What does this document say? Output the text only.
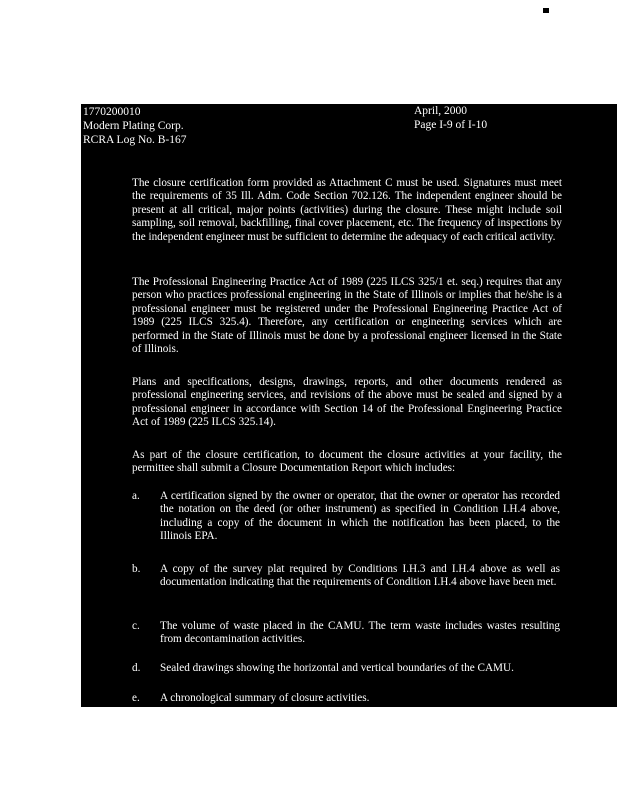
1770200010
Modern Plating Corp.
RCRA Log No. B-167
April, 2000
Page I-9 of I-10
The closure certification form provided as Attachment C must be used. Signatures must meet the requirements of 35 Ill. Adm. Code Section 702.126. The independent engineer should be present at all critical, major points (activities) during the closure. These might include soil sampling, soil removal, backfilling, final cover placement, etc. The frequency of inspections by the independent engineer must be sufficient to determine the adequacy of each critical activity.
The Professional Engineering Practice Act of 1989 (225 ILCS 325/1 et. seq.) requires that any person who practices professional engineering in the State of Illinois or implies that he/she is a professional engineer must be registered under the Professional Engineering Practice Act of 1989 (225 ILCS 325.4). Therefore, any certification or engineering services which are performed in the State of Illinois must be done by a professional engineer licensed in the State of Illinois.
Plans and specifications, designs, drawings, reports, and other documents rendered as professional engineering services, and revisions of the above must be sealed and signed by a professional engineer in accordance with Section 14 of the Professional Engineering Practice Act of 1989 (225 ILCS 325.14).
As part of the closure certification, to document the closure activities at your facility, the permittee shall submit a Closure Documentation Report which includes:
a. A certification signed by the owner or operator, that the owner or operator has recorded the notation on the deed (or other instrument) as specified in Condition I.H.4 above, including a copy of the document in which the notification has been placed, to the Illinois EPA.
b. A copy of the survey plat required by Conditions I.H.3 and I.H.4 above as well as documentation indicating that the requirements of Condition I.H.4 above have been met.
c. The volume of waste placed in the CAMU. The term waste includes wastes resulting from decontamination activities.
d. Sealed drawings showing the horizontal and vertical boundaries of the CAMU.
e. A chronological summary of closure activities.
